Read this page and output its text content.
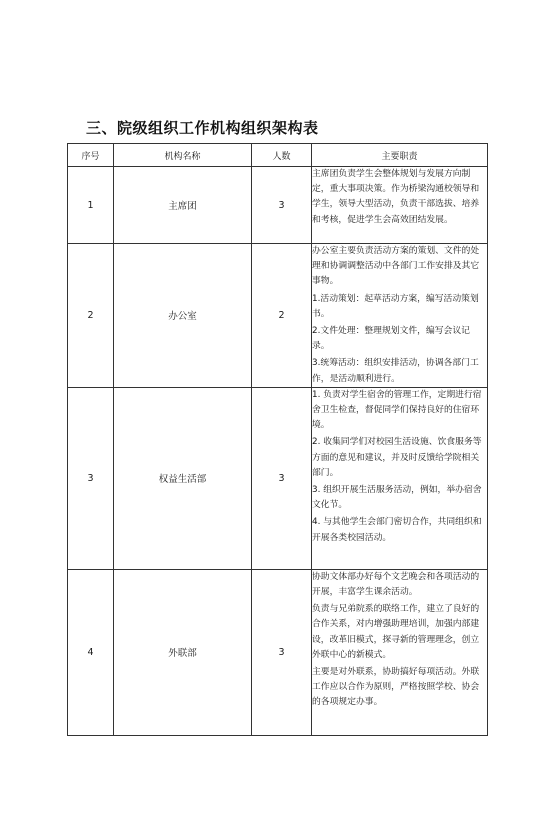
三、院级组织工作机构组织架构表
序号	机构名称	人数	主要职责
1	主席团	3	主席团负责学生会整体规划与发展方向制定，重大事项决策。作为桥梁沟通校领导和学生，领导大型活动，负责干部选拔、培养和考核，促进学生会高效团结发展。

2	办公室	2	办公室主要负责活动方案的策划、文件的处理和协调调整活动中各部门工作安排及其它事物。

1.活动策划：起草活动方案，编写活动策划书。

2.文件处理：整理规划文件，编写会议记录。

3.统筹活动：组织安排活动，协调各部门工作，是活动顺利进行。

3	权益生活部	3	1. 负责对学生宿舍的管理工作，定期进行宿舍卫生检查，督促同学们保持良好的住宿环境。

2. 收集同学们对校园生活设施、饮食服务等方面的意见和建议，并及时反馈给学院相关部门。

3. 组织开展生活服务活动，例如，举办宿舍文化节。

4. 与其他学生会部门密切合作，共同组织和开展各类校园活动。

4	外联部	3	协助文体部办好每个文艺晚会和各项活动的开展，丰富学生课余活动。

负责与兄弟院系的联络工作，建立了良好的合作关系，对内增强助理培训，加强内部建设，改革旧模式，探寻新的管理理念，创立外联中心的新模式。

主要是对外联系，协助搞好每项活动。外联工作应以合作为原则，严格按照学校、协会的各项规定办事。
